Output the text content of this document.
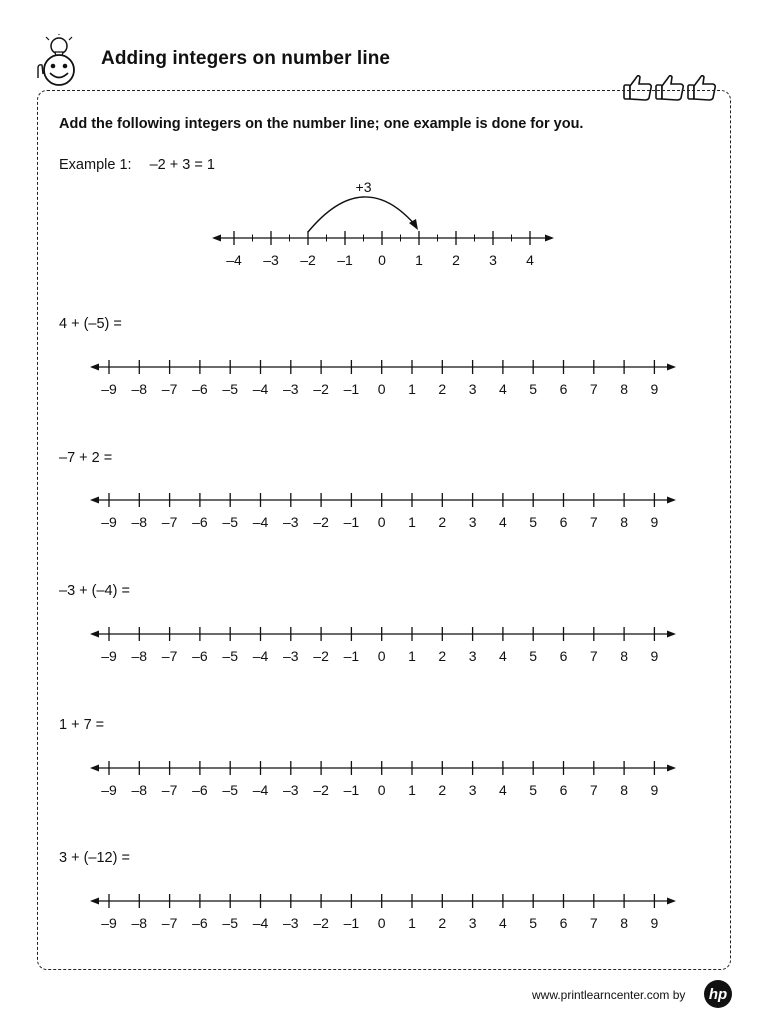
Adding integers on number line
Add the following integers on the number line; one example is done for you.
Example 1: –2 + 3 = 1
4 + (–5) =
–7 + 2 =
–3 + (–4) =
1 + 7 =
3 + (–12) =
–4 –3 –2 –1 0 1 2 3 4
+3
–9 –8 –7 –6 –5 –4 –3 –2 –1 0 1 2 3 4 5 6 7 8 9
–9 –8 –7 –6 –5 –4 –3 –2 –1 0 1 2 3 4 5 6 7 8 9
–9 –8 –7 –6 –5 –4 –3 –2 –1 0 1 2 3 4 5 6 7 8 9
–9 –8 –7 –6 –5 –4 –3 –2 –1 0 1 2 3 4 5 6 7 8 9
–9 –8 –7 –6 –5 –4 –3 –2 –1 0 1 2 3 4 5 6 7 8 9
www.printlearncenter.com by hp
